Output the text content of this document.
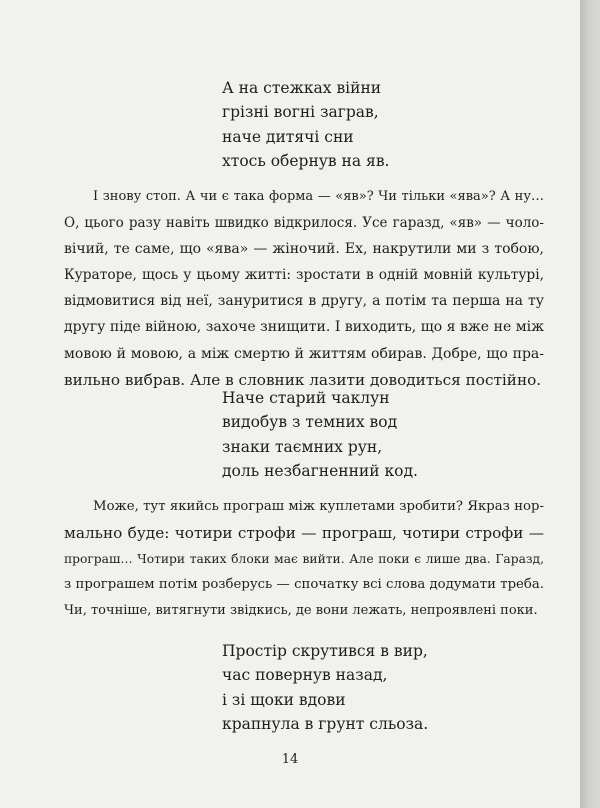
А на стежках війни
грізні вогні заграв,
наче дитячі сни
хтось обернув на яв.
І знову стоп. А чи є така форма — «яв»? Чи тільки «ява»? А ну…
О, цього разу навіть швидко відкрилося. Усе гаразд, «яв» — чоло-
вічий, те саме, що «ява» — жіночий. Ех, накрутили ми з тобою,
Кураторе, щось у цьому житті: зростати в одній мовній культурі,
відмовитися від неї, зануритися в другу, а потім та перша на ту
другу піде війною, захоче знищити. І виходить, що я вже не між
мовою й мовою, а між смертю й життям обирав. Добре, що пра-
вильно вибрав. Але в словник лазити доводиться постійно.
Наче старий чаклун
видобув з темних вод
знаки таємних рун,
доль незбагненний код.
Може, тут якийсь програш між куплетами зробити? Якраз нор-
мально буде: чотири строфи — програш, чотири строфи —
програш… Чотири таких блоки має вийти. Але поки є лише два. Гаразд,
з програшем потім розберусь — спочатку всі слова додумати треба.
Чи, точніше, витягнути звідкись, де вони лежать, непроявлені поки.
Простір скрутився в вир,
час повернув назад,
і зі щоки вдови
крапнула в грунт сльоза.
14
